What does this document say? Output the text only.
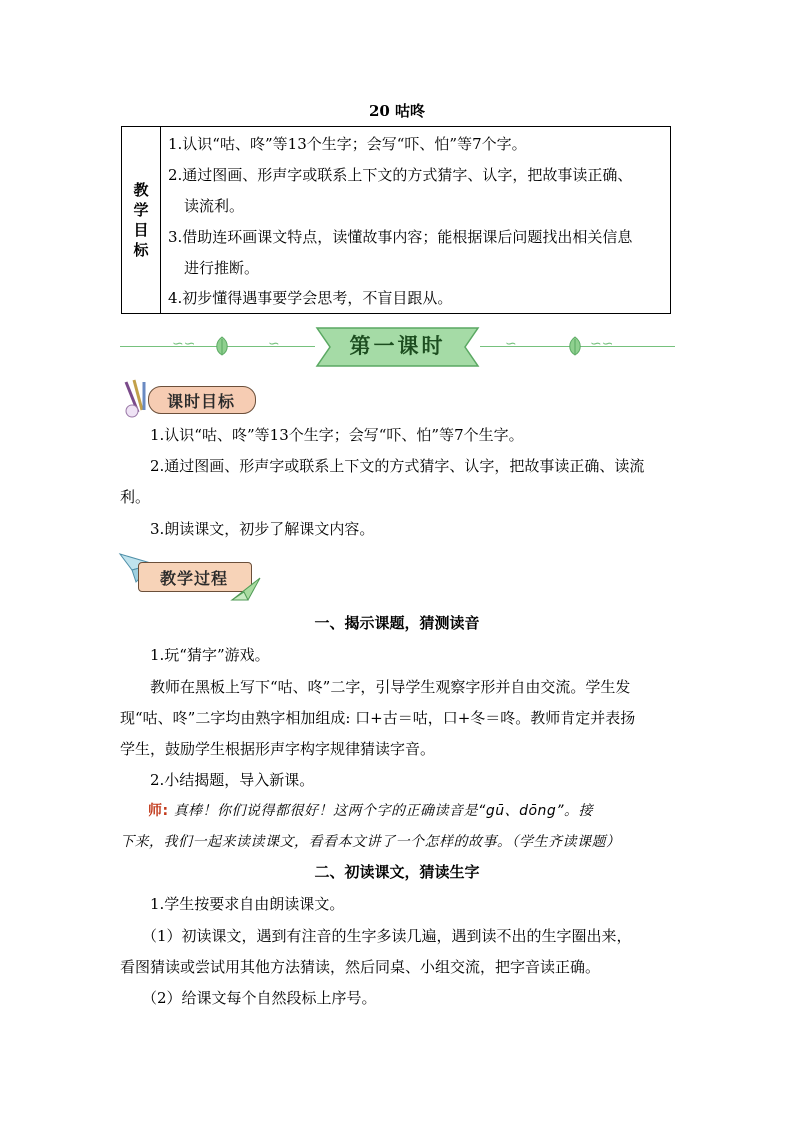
20 咕咚
教学目标
1.认识“咕、咚”等13个生字；会写“吓、怕”等7个字。
2.通过图画、形声字或联系上下文的方式猜字、认字，把故事读正确、
读流利。
3.借助连环画课文特点，读懂故事内容；能根据课后问题找出相关信息
进行推断。
4.初步懂得遇事要学会思考，不盲目跟从。
∽∽	∽	∽	∽∽
第一课时
课时目标
1.认识“咕、咚”等13个生字；会写“吓、怕”等7个生字。
2.通过图画、形声字或联系上下文的方式猜字、认字，把故事读正确、读流
利。
3.朗读课文，初步了解课文内容。
教学过程
一、揭示课题，猜测读音
1.玩“猜字”游戏。
教师在黑板上写下“咕、咚”二字，引导学生观察字形并自由交流。学生发
现“咕、咚”二字均由熟字相加组成: 口+古＝咕，口+冬＝咚。教师肯定并表扬
学生，鼓励学生根据形声字构字规律猜读字音。
2.小结揭题，导入新课。
师: 真棒！你们说得都很好！这两个字的正确读音是“gū、dōng”。接
下来，我们一起来读读课文，看看本文讲了一个怎样的故事。（学生齐读课题）
二、初读课文，猜读生字
1.学生按要求自由朗读课文。
（1）初读课文，遇到有注音的生字多读几遍，遇到读不出的生字圈出来，
看图猜读或尝试用其他方法猜读，然后同桌、小组交流，把字音读正确。
（2）给课文每个自然段标上序号。
